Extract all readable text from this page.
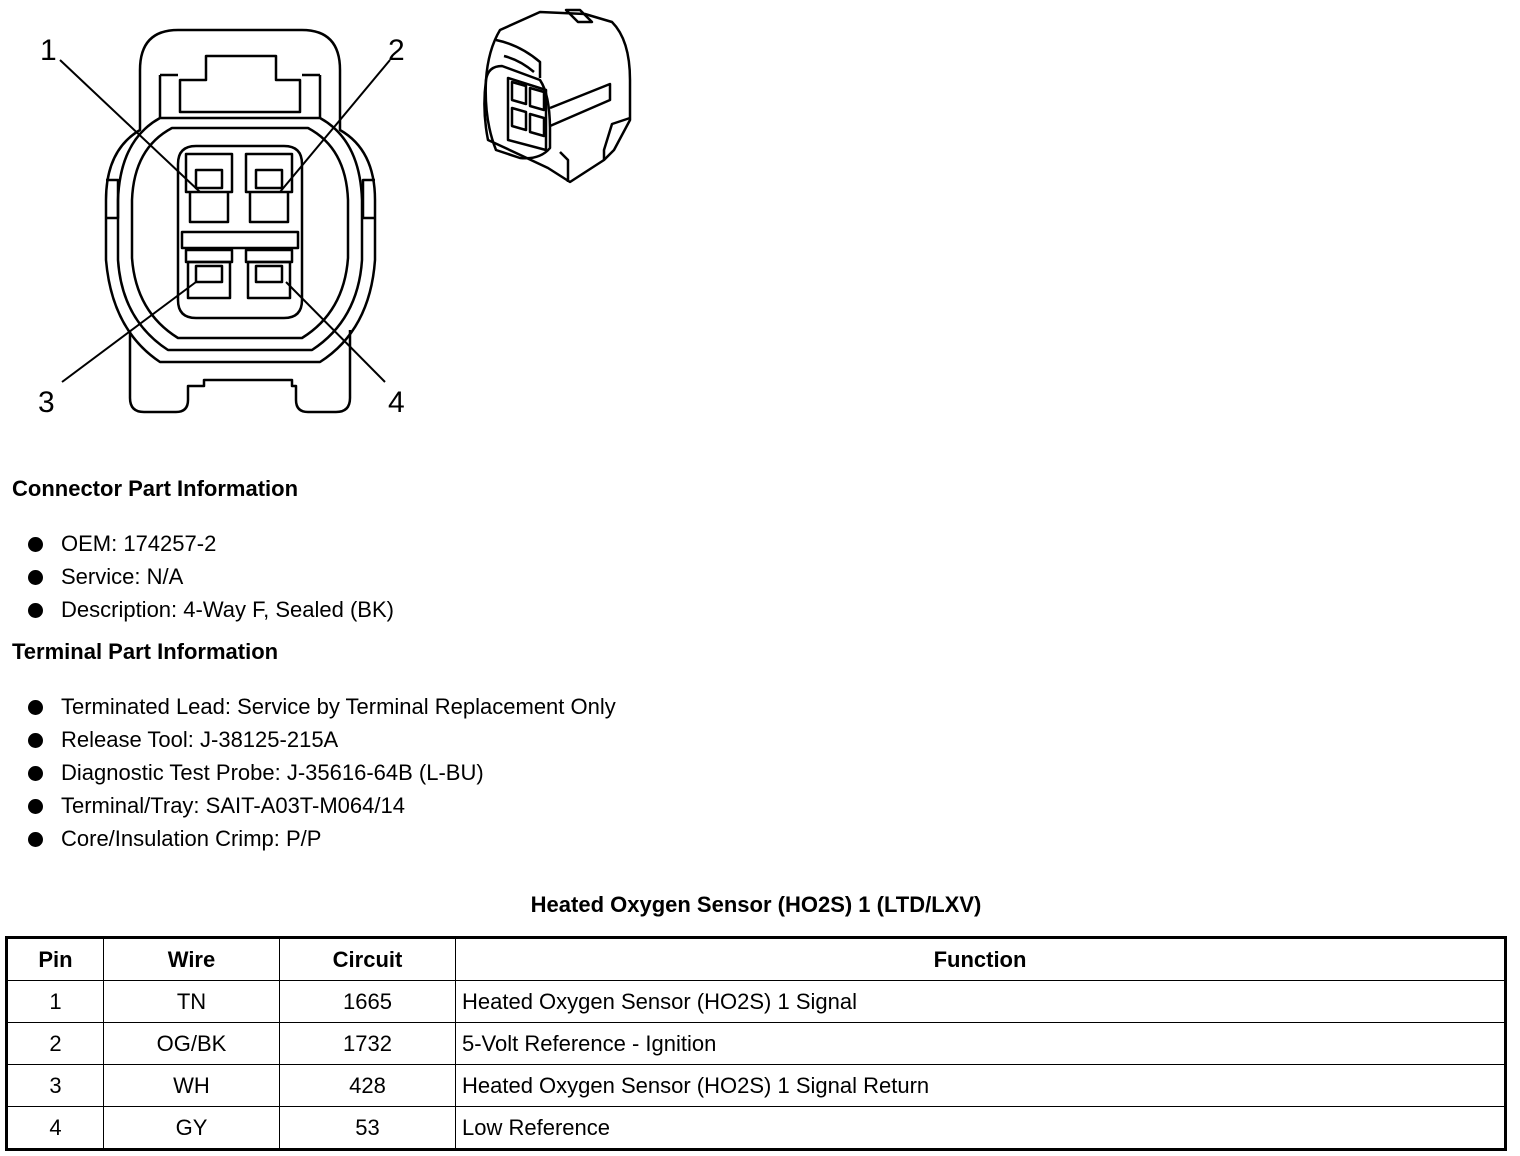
1	2
3	4
Connector Part Information
OEM: 174257-2
Service: N/A
Description: 4-Way F, Sealed (BK)
Terminal Part Information
Terminated Lead: Service by Terminal Replacement Only
Release Tool: J-38125-215A
Diagnostic Test Probe: J-35616-64B (L-BU)
Terminal/Tray: SAIT-A03T-M064/14
Core/Insulation Crimp: P/P
Heated Oxygen Sensor (HO2S) 1 (LTD/LXV)
Pin	Wire	Circuit	Function
1	TN	1665	Heated Oxygen Sensor (HO2S) 1 Signal
2	OG/BK	1732	5-Volt Reference - Ignition
3	WH	428	Heated Oxygen Sensor (HO2S) 1 Signal Return
4	GY	53	Low Reference
